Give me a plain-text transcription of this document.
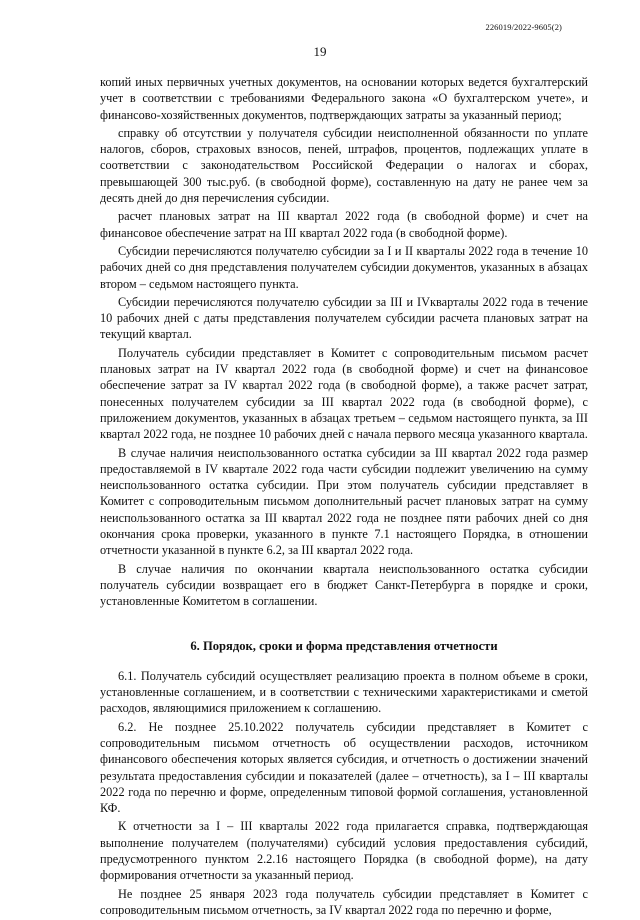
226019/2022-9605(2)
19

копий иных первичных учетных документов, на основании которых ведется бухгалтерский учет в соответствии с требованиями Федерального закона «О бухгалтерском учете», и финансово-хозяйственных документов, подтверждающих затраты за указанный период;

справку об отсутствии у получателя субсидии неисполненной обязанности по уплате налогов, сборов, страховых взносов, пеней, штрафов, процентов, подлежащих уплате в соответствии с законодательством Российской Федерации о налогах и сборах, превышающей 300 тыс.руб. (в свободной форме), составленную на дату не ранее чем за десять дней до дня перечисления субсидии.

расчет плановых затрат на III квартал 2022 года (в свободной форме) и счет на финансовое обеспечение затрат на III квартал 2022 года (в свободной форме).

Субсидии перечисляются получателю субсидии за I и II кварталы 2022 года в течение 10 рабочих дней со дня представления получателем субсидии документов, указанных в абзацах втором – седьмом настоящего пункта.

Субсидии перечисляются получателю субсидии за III и IVкварталы 2022 года в течение 10 рабочих дней с даты представления получателем субсидии расчета плановых затрат на текущий квартал.

Получатель субсидии представляет в Комитет с сопроводительным письмом расчет плановых затрат на IV квартал 2022 года (в свободной форме) и счет на финансовое обеспечение затрат за IV квартал 2022 года (в свободной форме), а также расчет затрат, понесенных получателем субсидии за III квартал 2022 года (в свободной форме), с приложением документов, указанных в абзацах третьем – седьмом настоящего пункта, за III квартал 2022 года, не позднее 10 рабочих дней с начала первого месяца указанного квартала.

В случае наличия неиспользованного остатка субсидии за III квартал 2022 года размер предоставляемой в IV квартале 2022 года части субсидии подлежит увеличению на сумму неиспользованного остатка субсидии. При этом получатель субсидии представляет в Комитет с сопроводительным письмом дополнительный расчет плановых затрат на сумму неиспользованного остатка за III квартал 2022 года не позднее пяти рабочих дней со дня окончания срока проверки, указанного в пункте 7.1 настоящего Порядка, в отношении отчетности указанной в пункте 6.2, за III квартал 2022 года.

В случае наличия по окончании квартала неиспользованного остатка субсидии получатель субсидии возвращает его в бюджет Санкт-Петербурга в порядке и сроки, установленные Комитетом в соглашении.

6. Порядок, сроки и форма представления отчетности

6.1. Получатель субсидий осуществляет реализацию проекта в полном объеме в сроки, установленные соглашением, и в соответствии с техническими характеристиками и сметой расходов, являющимися приложением к соглашению.

6.2. Не позднее 25.10.2022 получатель субсидии представляет в Комитет с сопроводительным письмом отчетность об осуществлении расходов, источником финансового обеспечения которых является субсидия, и отчетность о достижении значений результата предоставления субсидии и показателей (далее – отчетность), за I – III кварталы 2022 года по перечню и форме, определенным типовой формой соглашения, установленной КФ.

К отчетности за I – III кварталы 2022 года прилагается справка, подтверждающая выполнение получателем (получателями) субсидий условия предоставления субсидий, предусмотренного пунктом 2.2.16 настоящего Порядка (в свободной форме), на дату формирования отчетности за указанный период.

Не позднее 25 января 2023 года получатель субсидии представляет в Комитет с сопроводительным письмом отчетность, за IV квартал 2022 года по перечню и форме,
